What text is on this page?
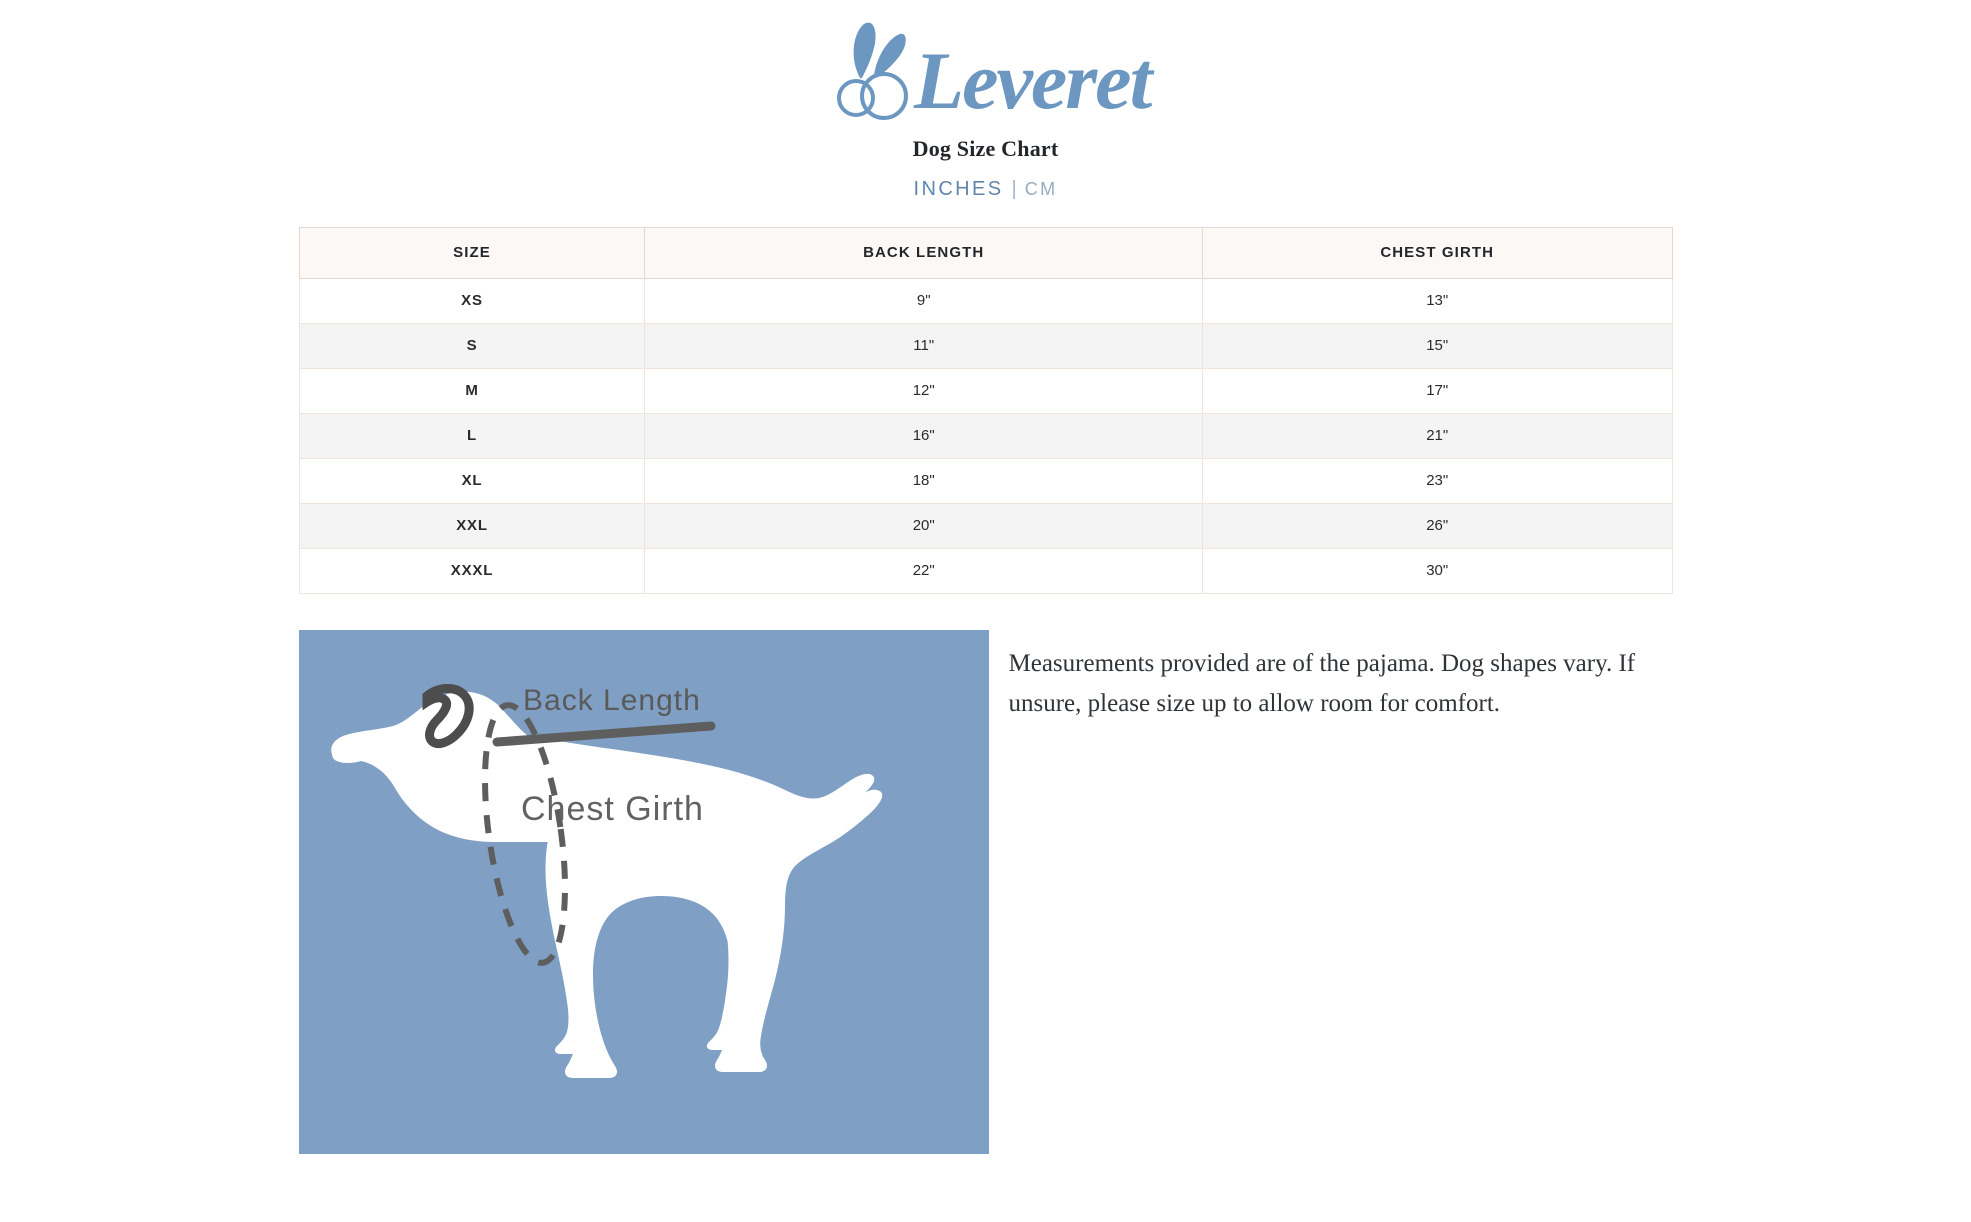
Leveret
Dog Size Chart
INCHES | CM
SIZE	BACK LENGTH	CHEST GIRTH
XS	9"	13"
S	11"	15"
M	12"	17"
L	16"	21"
XL	18"	23"
XXL	20"	26"
XXXL	22"	30"
Back Length
Chest Girth
Measurements provided are of the pajama. Dog shapes vary. If unsure, please size up to allow room for comfort.
